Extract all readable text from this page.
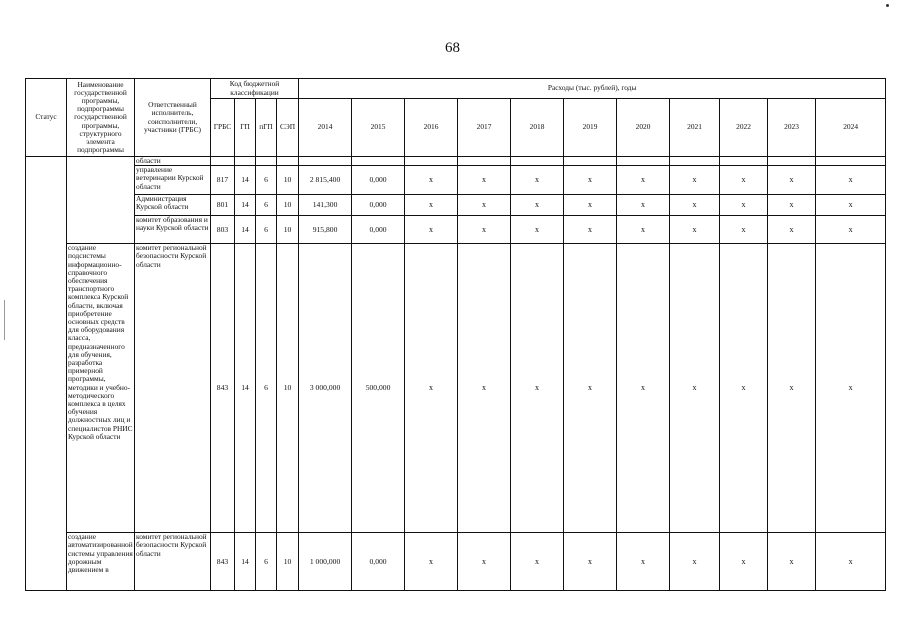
68
Статус	Наименование государственной программы, подпрограммы государственной программы, структурного элемента подпрограммы	Ответственный исполнитель, соисполнители, участники (ГРБС)	Код бюджетной классификации				Расходы (тыс. рублей), годы										
			ГРБС	ГП	пГП	СЭП	2014	2015	2016	2017	2018	2019	2020	2021	2022	2023	2024
		области															
		управление ветеринарии Курской области	817	14	6	10	2 815,400	0,000	х	х	х	х	х	х	х	х	х
		Администрация Курской области	801	14	6	10	141,300	0,000	х	х	х	х	х	х	х	х	х
		комитет образования и науки Курской области	803	14	6	10	915,800	0,000	х	х	х	х	х	х	х	х	х
	создание подсистемы информационно-справочного обеспечения транспортного комплекса Курской области, включая приобретение основных средств для оборудования класса, предназначенного для обучения, разработка примерной программы, методики и учебно-методического комплекса в целях обучения должностных лиц и специалистов РНИС Курской области	комитет региональной безопасности Курской области	843	14	6	10	3 000,000	500,000	х	х	х	х	х	х	х	х	х
	создание автоматизированной системы управления дорожным движением в	комитет региональной безопасности Курской области	843	14	6	10	1 000,000	0,000	х	х	х	х	х	х	х	х	х
